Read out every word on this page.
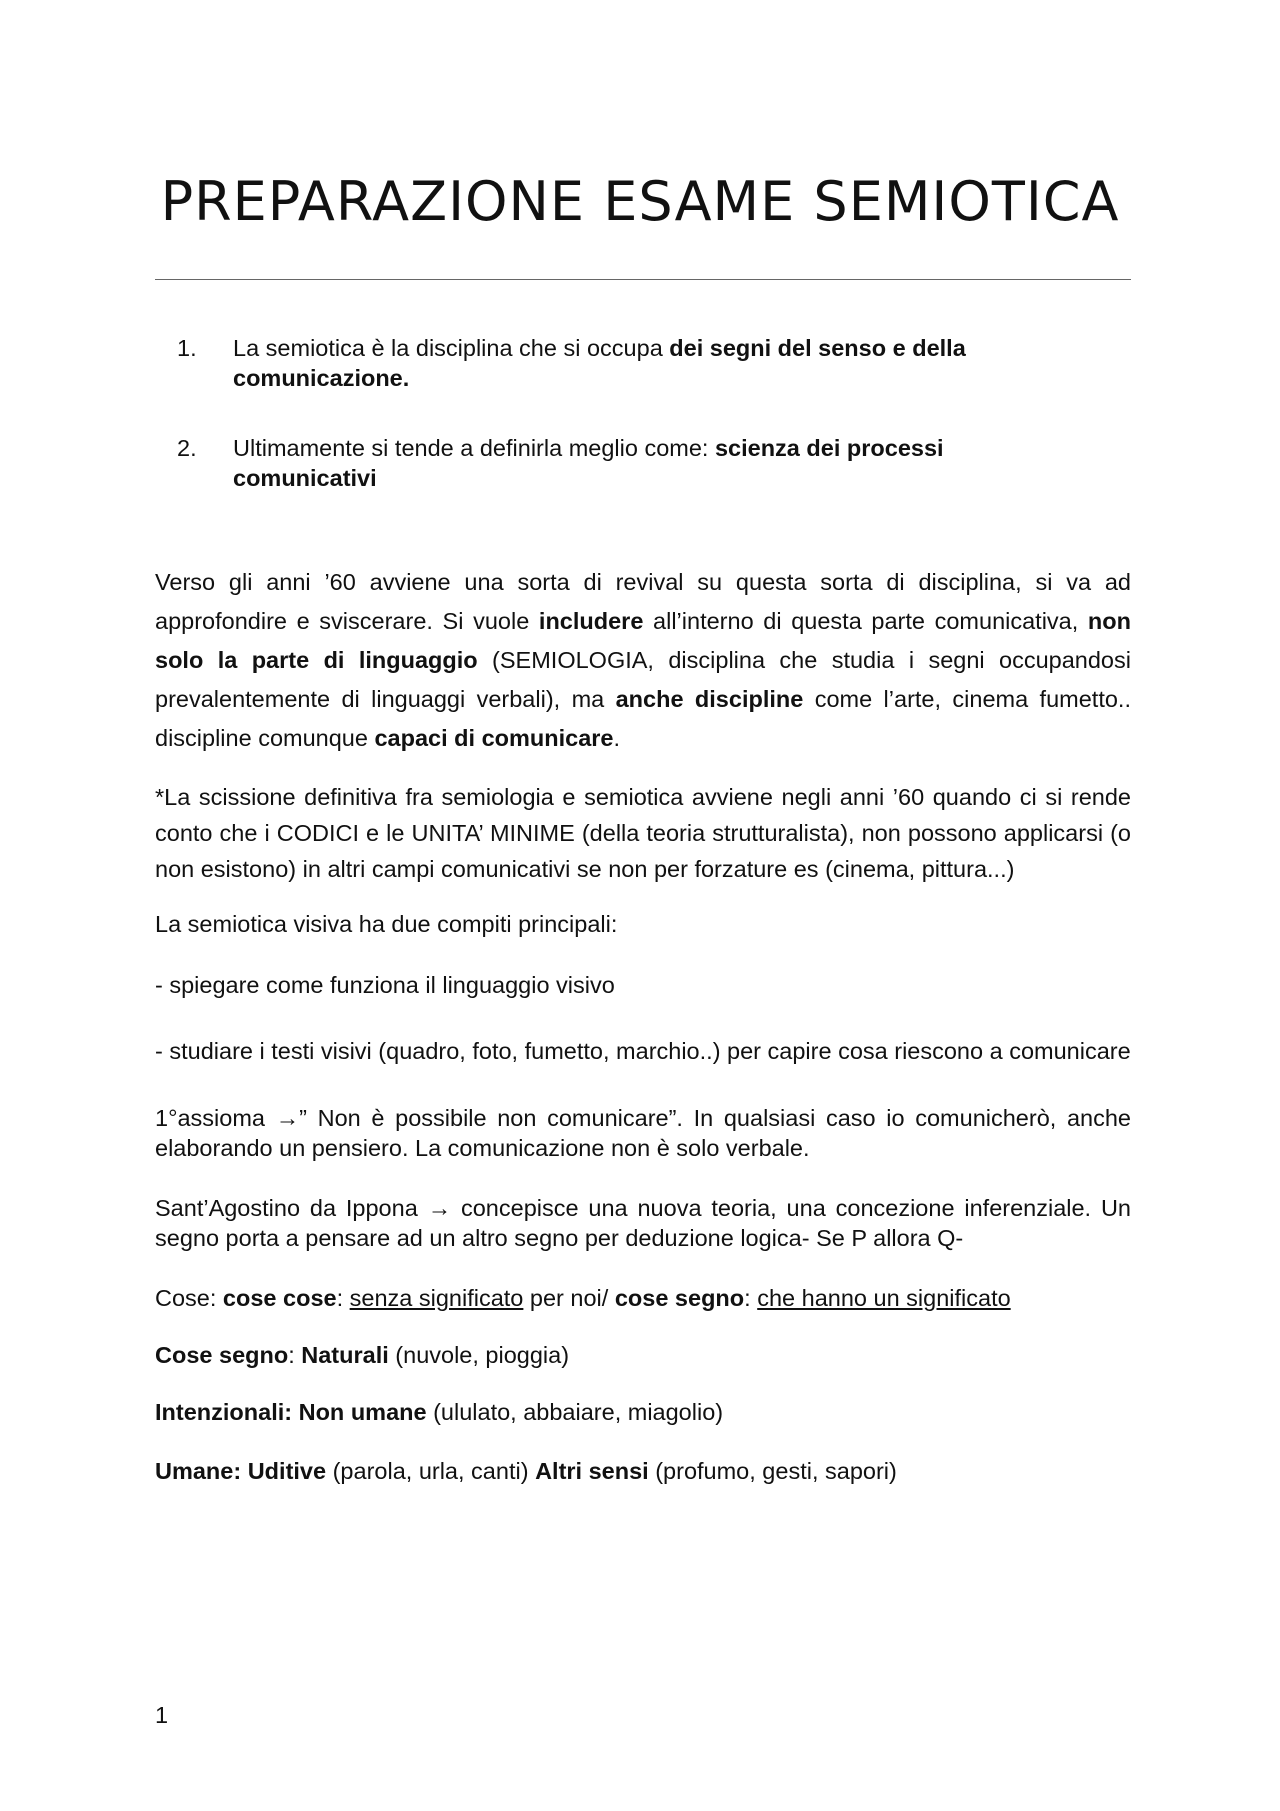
PREPARAZIONE ESAME SEMIOTICA
1. La semiotica è la disciplina che si occupa dei segni del senso e della comunicazione.
2. Ultimamente si tende a definirla meglio come: scienza dei processi comunicativi

Verso gli anni ’60 avviene una sorta di revival su questa sorta di disciplina, si va ad approfondire e sviscerare. Si vuole includere all’interno di questa parte comunicativa, non solo la parte di linguaggio (SEMIOLOGIA, disciplina che studia i segni occupandosi prevalentemente di linguaggi verbali), ma anche discipline come l’arte, cinema fumetto.. discipline comunque capaci di comunicare.

*La scissione definitiva fra semiologia e semiotica avviene negli anni ’60 quando ci si rende conto che i CODICI e le UNITA’ MINIME (della teoria strutturalista), non possono applicarsi (o non esistono) in altri campi comunicativi se non per forzature es (cinema, pittura...)

La semiotica visiva ha due compiti principali:

- spiegare come funziona il linguaggio visivo

- studiare i testi visivi (quadro, foto, fumetto, marchio..) per capire cosa riescono a comunicare

1°assioma →” Non è possibile non comunicare”. In qualsiasi caso io comunicherò, anche elaborando un pensiero. La comunicazione non è solo verbale.

Sant’Agostino da Ippona → concepisce una nuova teoria, una concezione inferenziale. Un segno porta a pensare ad un altro segno per deduzione logica- Se P allora Q-

Cose: cose cose: senza significato per noi/ cose segno: che hanno un significato

Cose segno: Naturali (nuvole, pioggia)

Intenzionali: Non umane (ululato, abbaiare, miagolio)

Umane: Uditive (parola, urla, canti) Altri sensi (profumo, gesti, sapori)

1
